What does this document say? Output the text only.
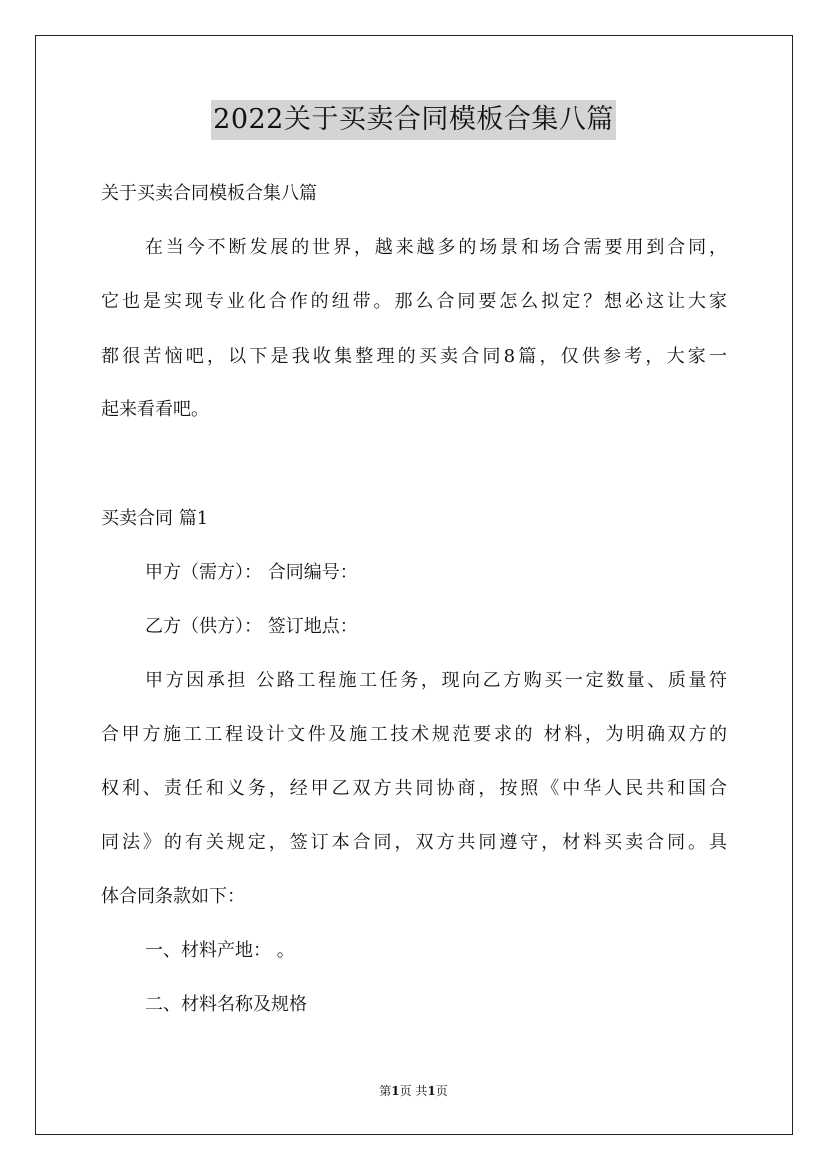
2022关于买卖合同模板合集八篇
关于买卖合同模板合集八篇
在当今不断发展的世界，越来越多的场景和场合需要用到合同，
它也是实现专业化合作的纽带。那么合同要怎么拟定？想必这让大家
都很苦恼吧，以下是我收集整理的买卖合同8篇，仅供参考，大家一
起来看看吧。
买卖合同 篇1
甲方（需方）： 合同编号：
乙方（供方）： 签订地点：
甲方因承担 公路工程施工任务，现向乙方购买一定数量、质量符
合甲方施工工程设计文件及施工技术规范要求的 材料，为明确双方的
权利、责任和义务，经甲乙双方共同协商，按照《中华人民共和国合
同法》的有关规定，签订本合同，双方共同遵守，材料买卖合同。具
体合同条款如下：
一、材料产地： 。
二、材料名称及规格
第1页 共1页
